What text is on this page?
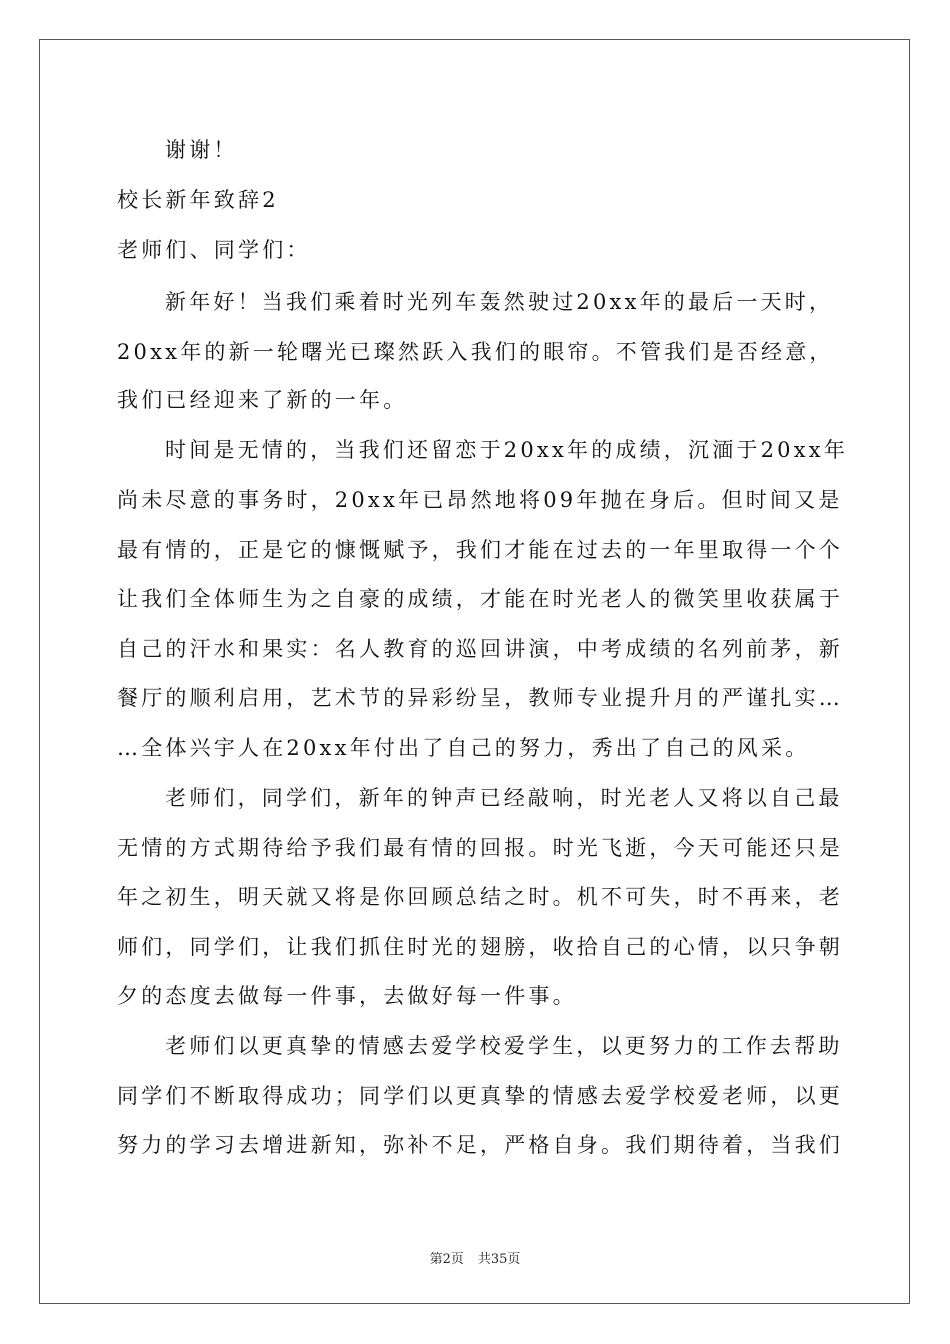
谢谢！
校长新年致辞2
老师们、同学们：
新年好！当我们乘着时光列车轰然驶过20xx年的最后一天时，
20xx年的新一轮曙光已璨然跃入我们的眼帘。不管我们是否经意，
我们已经迎来了新的一年。
时间是无情的，当我们还留恋于20xx年的成绩，沉湎于20xx年
尚未尽意的事务时，20xx年已昂然地将09年抛在身后。但时间又是
最有情的，正是它的慷慨赋予，我们才能在过去的一年里取得一个个
让我们全体师生为之自豪的成绩，才能在时光老人的微笑里收获属于
自己的汗水和果实：名人教育的巡回讲演，中考成绩的名列前茅，新
餐厅的顺利启用，艺术节的异彩纷呈，教师专业提升月的严谨扎实…
…全体兴宇人在20xx年付出了自己的努力，秀出了自己的风采。
老师们，同学们，新年的钟声已经敲响，时光老人又将以自己最
无情的方式期待给予我们最有情的回报。时光飞逝，今天可能还只是
年之初生，明天就又将是你回顾总结之时。机不可失，时不再来，老
师们，同学们，让我们抓住时光的翅膀，收拾自己的心情，以只争朝
夕的态度去做每一件事，去做好每一件事。
老师们以更真挚的情感去爱学校爱学生，以更努力的工作去帮助
同学们不断取得成功；同学们以更真挚的情感去爱学校爱老师，以更
努力的学习去增进新知，弥补不足，严格自身。我们期待着，当我们
第2页 共35页
